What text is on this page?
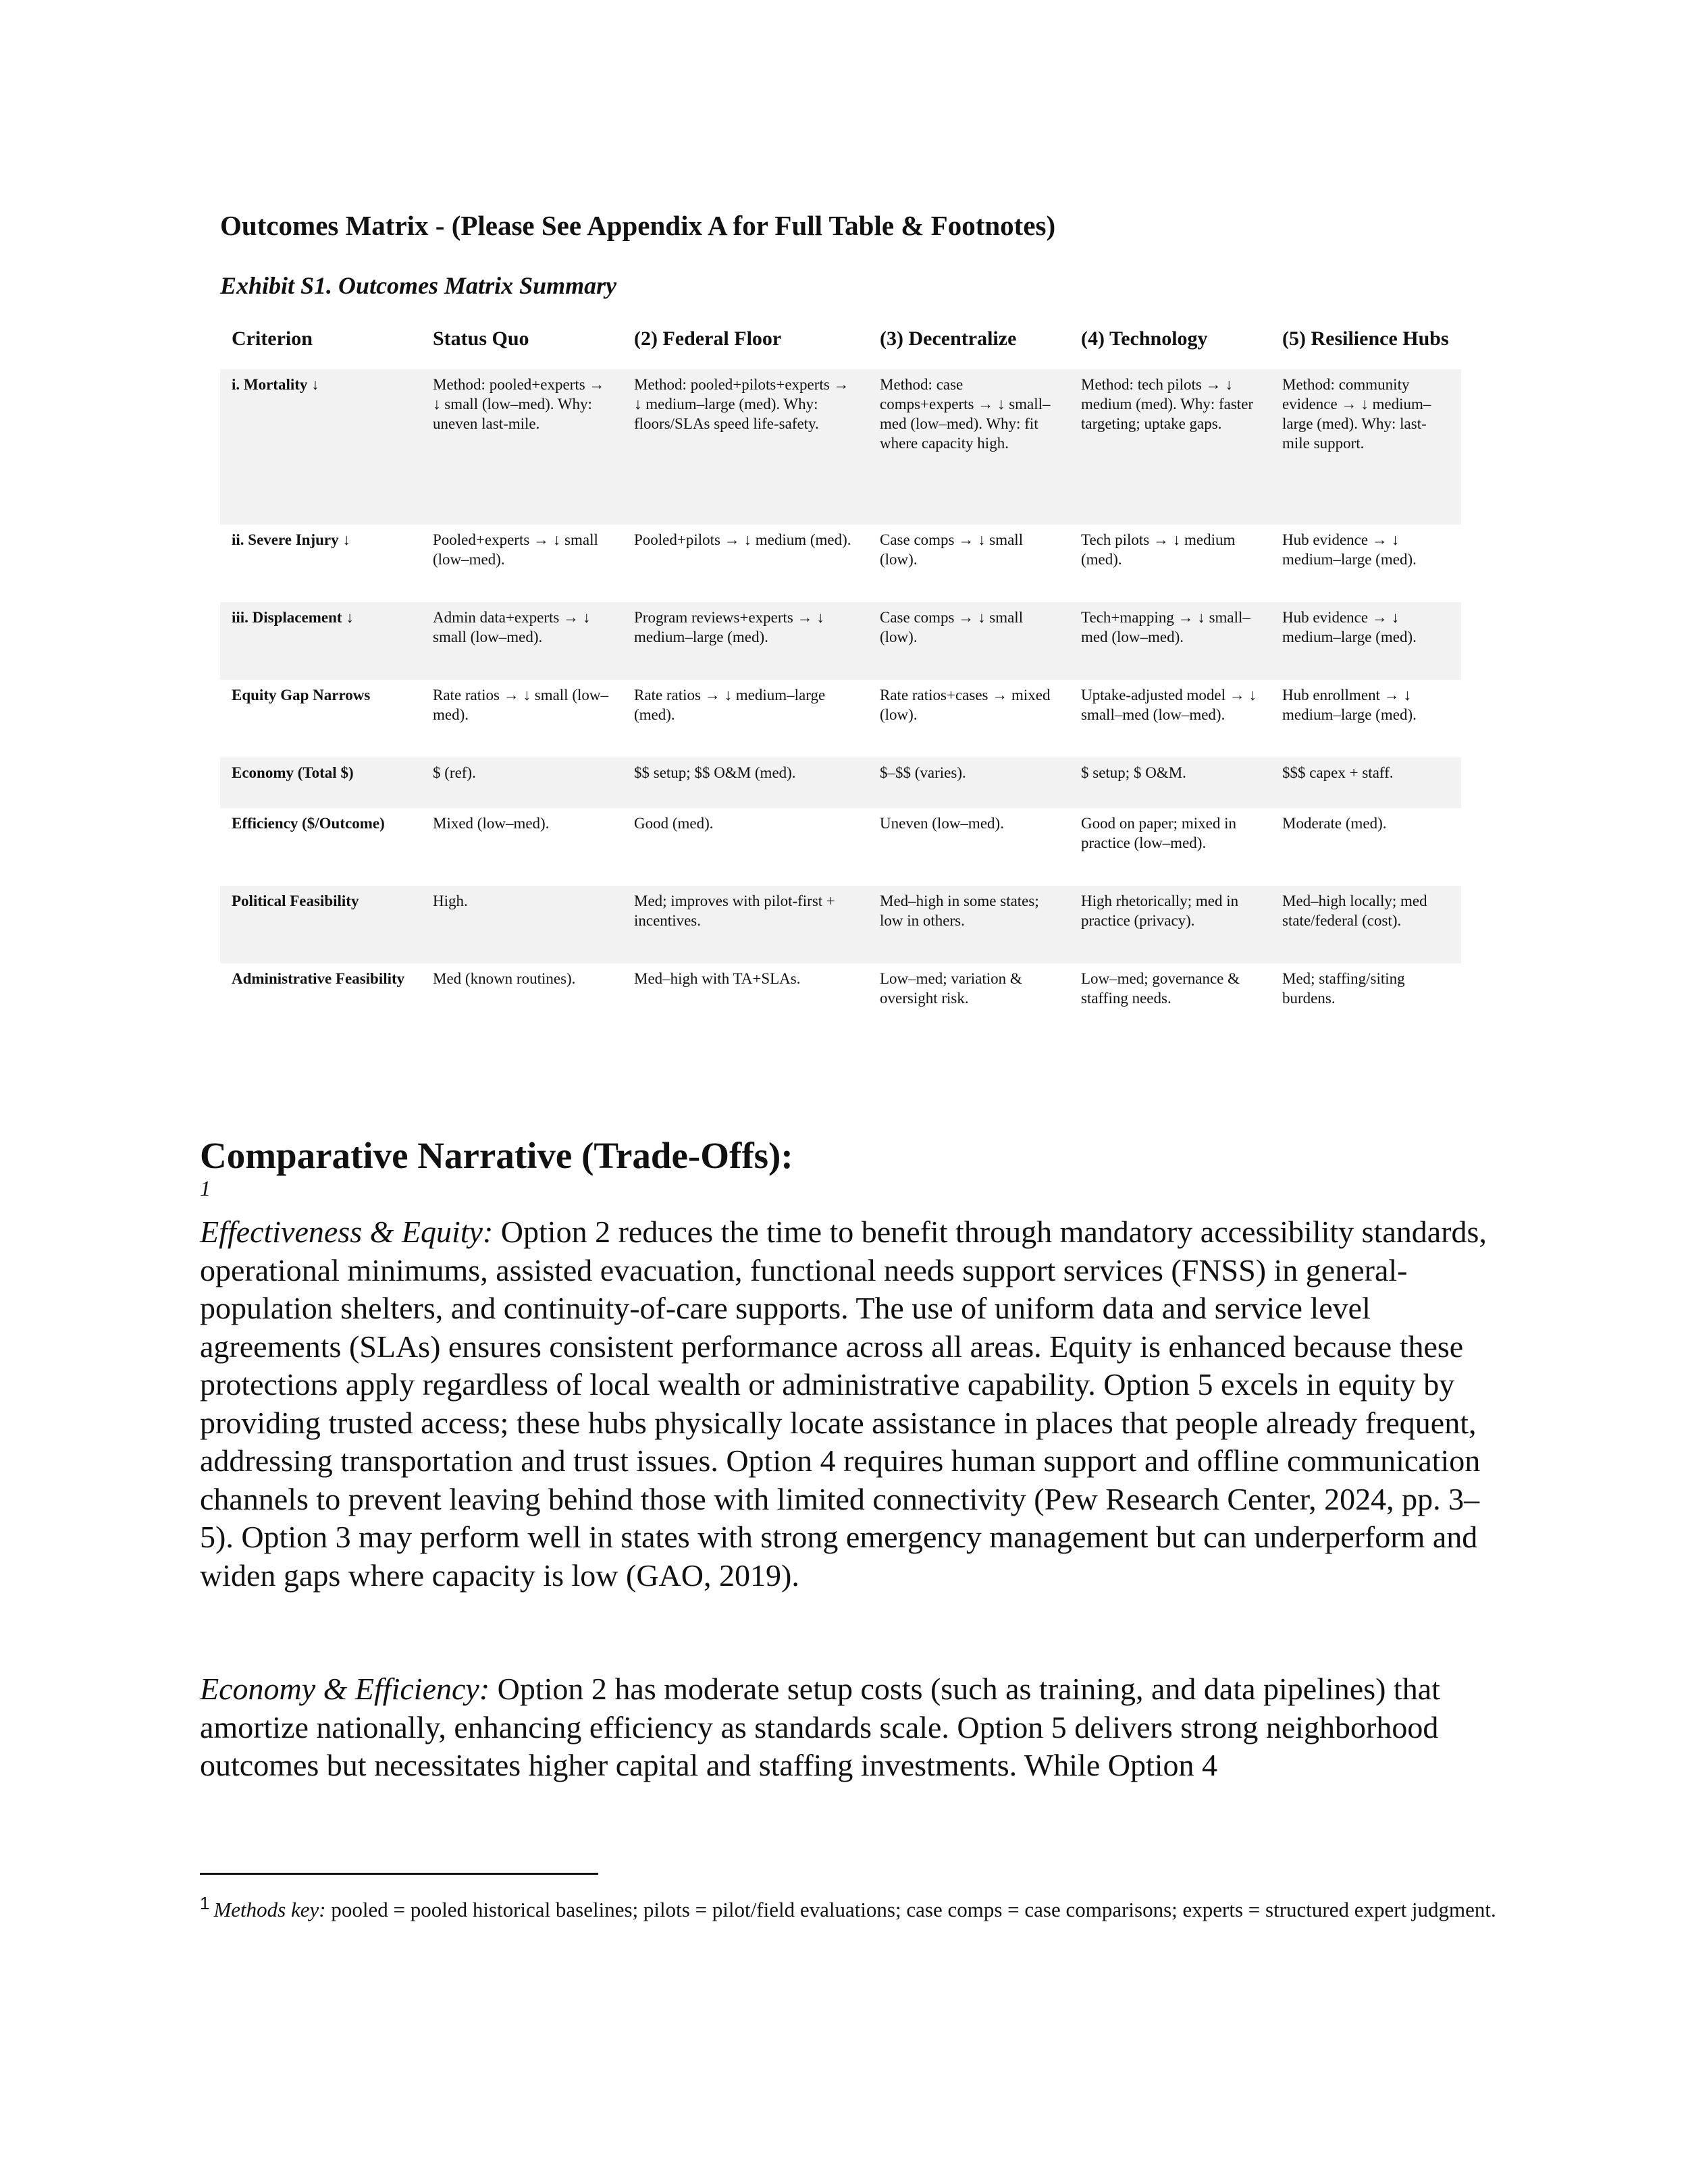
Outcomes Matrix - (Please See Appendix A for Full Table & Footnotes)
Exhibit S1. Outcomes Matrix Summary
Criterion	Status Quo	(2) Federal Floor	(3) Decentralize	(4) Technology	(5) Resilience Hubs

i. Mortality ↓	Method: pooled+experts → ↓ small (low–med). Why: uneven last-mile.	Method: pooled+pilots+experts → ↓ medium–large (med). Why: floors/SLAs speed life-safety.	Method: case comps+experts → ↓ small–med (low–med). Why: fit where capacity high.	Method: tech pilots → ↓ medium (med). Why: faster targeting; uptake gaps.	Method: community evidence → ↓ medium–large (med). Why: last-mile support.
ii. Severe Injury ↓	Pooled+experts → ↓ small (low–med).	Pooled+pilots → ↓ medium (med).	Case comps → ↓ small (low).	Tech pilots → ↓ medium (med).	Hub evidence → ↓ medium–large (med).
iii. Displacement ↓	Admin data+experts → ↓ small (low–med).	Program reviews+experts → ↓ medium–large (med).	Case comps → ↓ small (low).	Tech+mapping → ↓ small–med (low–med).	Hub evidence → ↓ medium–large (med).
Equity Gap Narrows	Rate ratios → ↓ small (low–med).	Rate ratios → ↓ medium–large (med).	Rate ratios+cases → mixed (low).	Uptake-adjusted model → ↓ small–med (low–med).	Hub enrollment → ↓ medium–large (med).
Economy (Total $)	$ (ref).	$$ setup; $$ O&M (med).	$–$$ (varies).	$ setup; $ O&M.	$$$ capex + staff.
Efficiency ($/Outcome)	Mixed (low–med).	Good (med).	Uneven (low–med).	Good on paper; mixed in practice (low–med).	Moderate (med).
Political Feasibility	High.	Med; improves with pilot-first + incentives.	Med–high in some states; low in others.	High rhetorically; med in practice (privacy).	Med–high locally; med state/federal (cost).
Administrative Feasibility	Med (known routines).	Med–high with TA+SLAs.	Low–med; variation & oversight risk.	Low–med; governance & staffing needs.	Med; staffing/siting burdens.
Comparative Narrative (Trade-Offs):
1

Effectiveness & Equity: Option 2 reduces the time to benefit through mandatory accessibility standards, operational minimums, assisted evacuation, functional needs support services (FNSS) in general-population shelters, and continuity-of-care supports. The use of uniform data and service level agreements (SLAs) ensures consistent performance across all areas. Equity is enhanced because these protections apply regardless of local wealth or administrative capability. Option 5 excels in equity by providing trusted access; these hubs physically locate assistance in places that people already frequent, addressing transportation and trust issues. Option 4 requires human support and offline communication channels to prevent leaving behind those with limited connectivity (Pew Research Center, 2024, pp. 3–5). Option 3 may perform well in states with strong emergency management but can underperform and widen gaps where capacity is low (GAO, 2019).

Economy & Efficiency: Option 2 has moderate setup costs (such as training, and data pipelines) that amortize nationally, enhancing efficiency as standards scale. Option 5 delivers strong neighborhood outcomes but necessitates higher capital and staffing investments. While Option 4

$^1$ Methods key: pooled = pooled historical baselines; pilots = pilot/field evaluations; case comps = case comparisons; experts = structured expert judgment.
